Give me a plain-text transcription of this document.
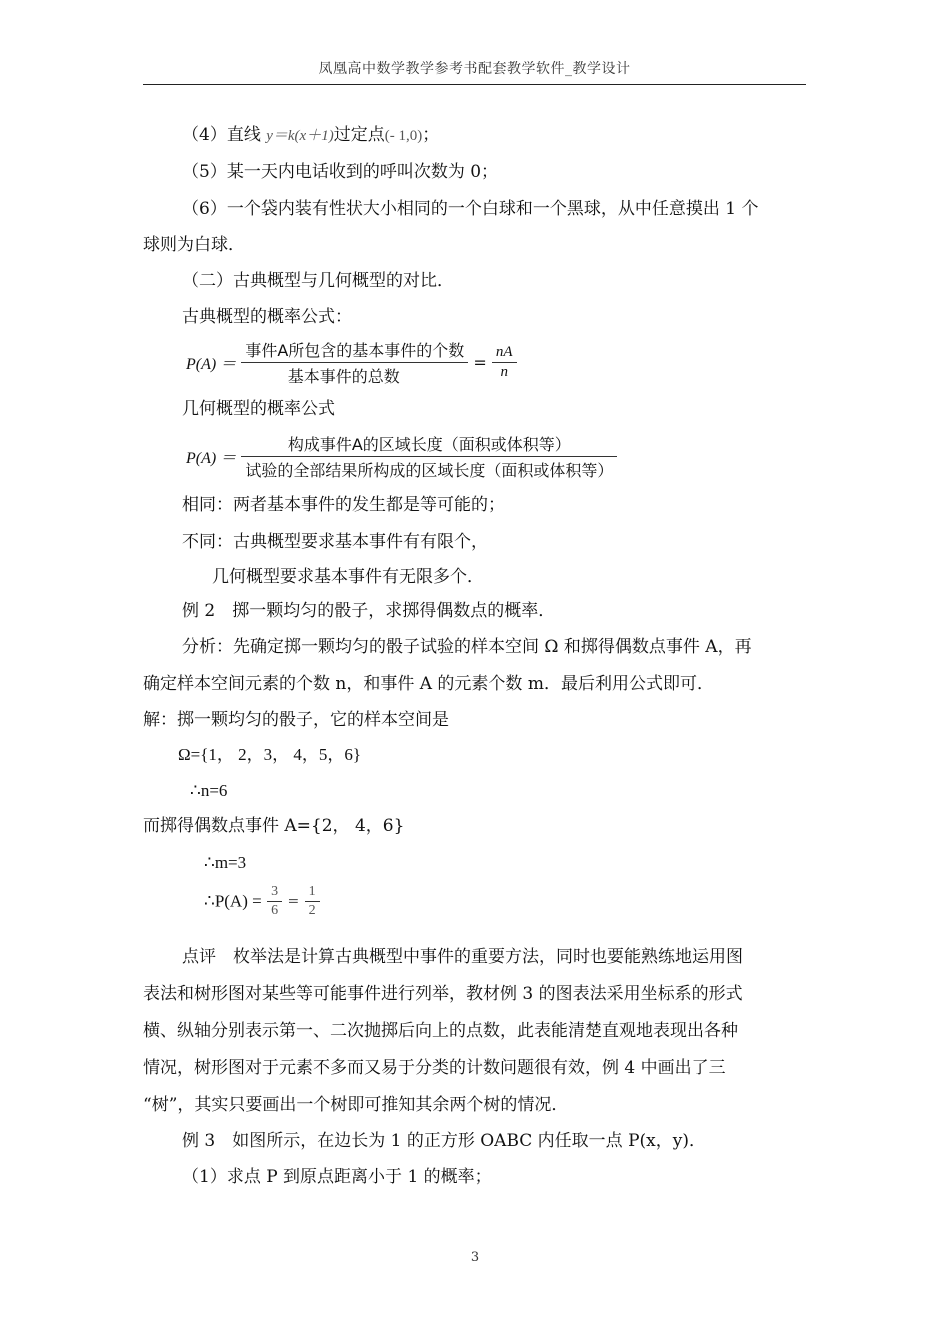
凤凰高中数学教学参考书配套教学软件_教学设计
（4）直线 y＝k(x＋1)过定点(- 1,0)；
（5）某一天内电话收到的呼叫次数为 0；
（6）一个袋内装有性状大小相同的一个白球和一个黑球，从中任意摸出 1 个
球则为白球．
（二）古典概型与几何概型的对比．
古典概型的概率公式：
$P(A) = \frac{\text{事件A所包含的基本事件的个数}}{\text{基本事件的总数}} = \frac{nA}{n}$
几何概型的概率公式
$P(A) = \frac{\text{构成事件A的区域长度（面积或体积等）}}{\text{试验的全部结果所构成的区域长度（面积或体积等）}}$
相同：两者基本事件的发生都是等可能的；
不同：古典概型要求基本事件有有限个，
几何概型要求基本事件有无限多个．
例 2　掷一颗均匀的骰子，求掷得偶数点的概率．
分析：先确定掷一颗均匀的骰子试验的样本空间 Ω 和掷得偶数点事件 A，再
确定样本空间元素的个数 n，和事件 A 的元素个数 m．最后利用公式即可．
解：掷一颗均匀的骰子，它的样本空间是
Ω={1， 2，3， 4，5，6}
∴n=6
而掷得偶数点事件 A={2， 4，6}
∴m=3
∴P(A) = $\frac{3}{6} = \frac{1}{2}$
点评　枚举法是计算古典概型中事件的重要方法，同时也要能熟练地运用图
表法和树形图对某些等可能事件进行列举，教材例 3 的图表法采用坐标系的形式
横、纵轴分别表示第一、二次抛掷后向上的点数，此表能清楚直观地表现出各种
情况，树形图对于元素不多而又易于分类的计数问题很有效，例 4 中画出了三
“树”，其实只要画出一个树即可推知其余两个树的情况．
例 3　如图所示，在边长为 1 的正方形 OABC 内任取一点 P(x，y)．
（1）求点 P 到原点距离小于 1 的概率；
3
